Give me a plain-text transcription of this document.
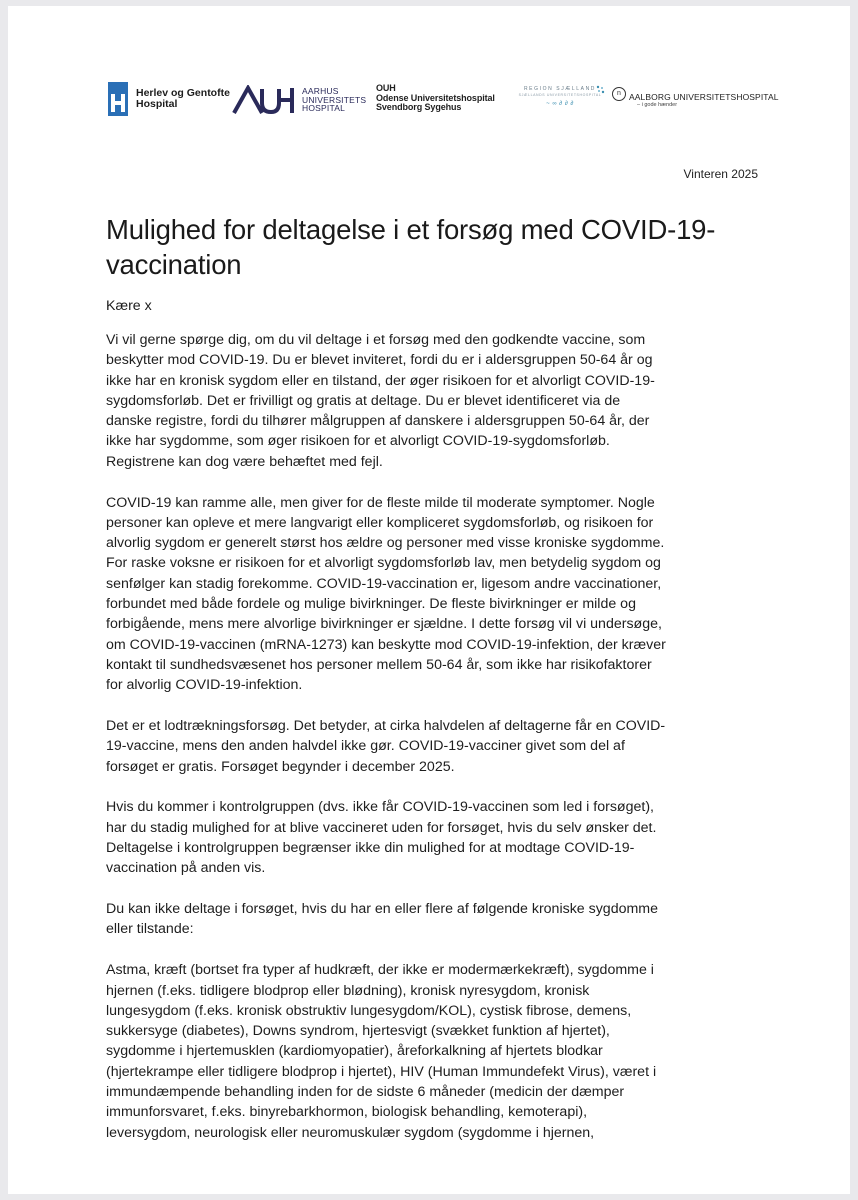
Herlev og Gentofte Hospital
AARHUS
UNIVERSITETS
HOSPITAL
OUH
Odense Universitetshospital
Svendborg Sygehus
REGION SJÆLLAND
SJÆLLANDS UNIVERSITETSHOSPITAL
~ ∞ ∂ ∂ ∂
n AALBORG UNIVERSITETSHOSPITAL
– i gode hænder
Vinteren 2025
Mulighed for deltagelse i et forsøg med COVID-19-vaccination
Kære x

Vi vil gerne spørge dig, om du vil deltage i et forsøg med den godkendte vaccine, som beskytter mod COVID-19. Du er blevet inviteret, fordi du er i aldersgruppen 50-64 år og ikke har en kronisk sygdom eller en tilstand, der øger risikoen for et alvorligt COVID-19-sygdomsforløb. Det er frivilligt og gratis at deltage. Du er blevet identificeret via de danske registre, fordi du tilhører målgruppen af danskere i aldersgruppen 50-64 år, der ikke har sygdomme, som øger risikoen for et alvorligt COVID-19-sygdomsforløb. Registrene kan dog være behæftet med fejl.

COVID-19 kan ramme alle, men giver for de fleste milde til moderate symptomer. Nogle personer kan opleve et mere langvarigt eller kompliceret sygdomsforløb, og risikoen for alvorlig sygdom er generelt størst hos ældre og personer med visse kroniske sygdomme. For raske voksne er risikoen for et alvorligt sygdomsforløb lav, men betydelig sygdom og senfølger kan stadig forekomme. COVID-19-vaccination er, ligesom andre vaccinationer, forbundet med både fordele og mulige bivirkninger. De fleste bivirkninger er milde og forbigående, mens mere alvorlige bivirkninger er sjældne. I dette forsøg vil vi undersøge, om COVID-19-vaccinen (mRNA-1273) kan beskytte mod COVID-19-infektion, der kræver kontakt til sundhedsvæsenet hos personer mellem 50-64 år, som ikke har risikofaktorer for alvorlig COVID-19-infektion.

Det er et lodtrækningsforsøg. Det betyder, at cirka halvdelen af deltagerne får en COVID-19-vaccine, mens den anden halvdel ikke gør. COVID-19-vacciner givet som del af forsøget er gratis. Forsøget begynder i december 2025.

Hvis du kommer i kontrolgruppen (dvs. ikke får COVID-19-vaccinen som led i forsøget), har du stadig mulighed for at blive vaccineret uden for forsøget, hvis du selv ønsker det. Deltagelse i kontrolgruppen begrænser ikke din mulighed for at modtage COVID-19-vaccination på anden vis.

Du kan ikke deltage i forsøget, hvis du har en eller flere af følgende kroniske sygdomme eller tilstande:

Astma, kræft (bortset fra typer af hudkræft, der ikke er modermærkekræft), sygdomme i hjernen (f.eks. tidligere blodprop eller blødning), kronisk nyresygdom, kronisk lungesygdom (f.eks. kronisk obstruktiv lungesygdom/KOL), cystisk fibrose, demens, sukkersyge (diabetes), Downs syndrom, hjertesvigt (svækket funktion af hjertet), sygdomme i hjertemusklen (kardiomyopatier), åreforkalkning af hjertets blodkar (hjertekrampe eller tidligere blodprop i hjertet), HIV (Human Immundefekt Virus), været i immundæmpende behandling inden for de sidste 6 måneder (medicin der dæmper immunforsvaret, f.eks. binyrebarkhormon, biologisk behandling, kemoterapi), leversygdom, neurologisk eller neuromuskulær sygdom (sygdomme i hjernen,
